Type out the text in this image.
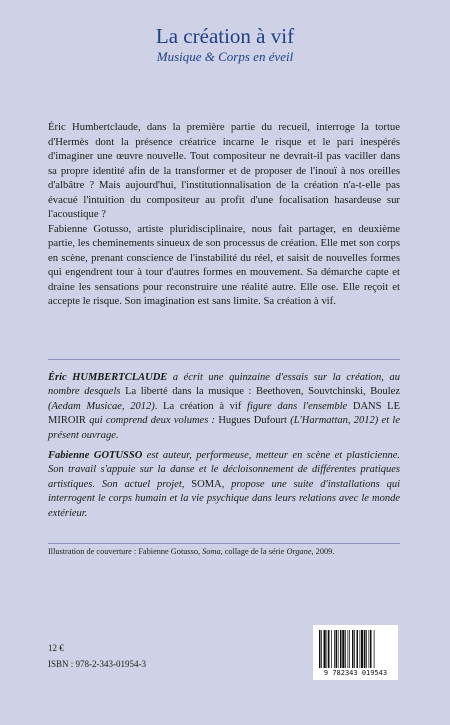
La création à vif
Musique & Corps en éveil

Éric Humbertclaude, dans la première partie du recueil, interroge la tortue d'Hermès dont la présence créatrice incarne le risque et le pari inespérés d'imaginer une œuvre nouvelle. Tout compositeur ne devrait-il pas vaciller dans sa propre identité afin de la transformer et de proposer de l'inouï à nos oreilles d'albâtre ? Mais aujourd'hui, l'institutionnalisation de la création n'a-t-elle pas évacué l'intuition du compositeur au profit d'une focalisation hasardeuse sur l'acoustique ?

Fabienne Gotusso, artiste pluridisciplinaire, nous fait partager, en deuxième partie, les cheminements sinueux de son processus de création. Elle met son corps en scène, prenant conscience de l'instabilité du réel, et saisit de nouvelles formes qui engendrent tour à tour d'autres formes en mouvement. Sa démarche capte et draine les sensations pour reconstruire une réalité autre. Elle ose. Elle reçoit et accepte le risque. Son imagination est sans limite. Sa création à vif.

Éric HUMBERTCLAUDE a écrit une quinzaine d'essais sur la création, au nombre desquels La liberté dans la musique : Beethoven, Souvtchinski, Boulez (Aedam Musicae, 2012). La création à vif figure dans l'ensemble DANS LE MIROIR qui comprend deux volumes : Hugues Dufourt (L'Harmattan, 2012) et le présent ouvrage.
Fabienne GOTUSSO est auteur, performeuse, metteur en scène et plasticienne. Son travail s'appuie sur la danse et le décloisonnement de différentes pratiques artistiques. Son actuel projet, SOMA, propose une suite d'installations qui interrogent le corps humain et la vie psychique dans leurs relations avec le monde extérieur.
Illustration de couverture : Fabienne Gotusso, Soma, collage de la série Organe, 2009.
12 €
ISBN : 978-2-343-01954-3
9 782343 019543
